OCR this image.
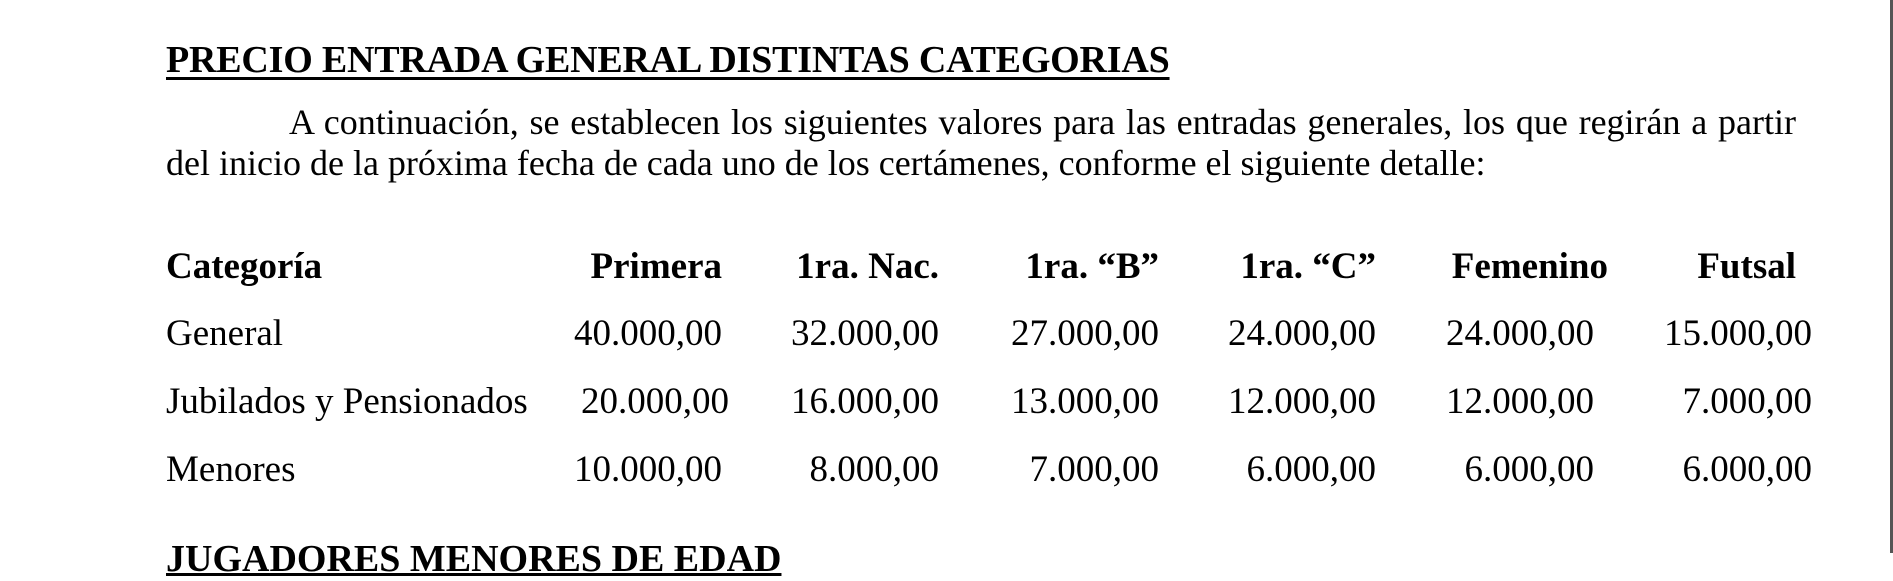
PRECIO ENTRADA GENERAL DISTINTAS CATEGORIAS

A continuación, se establecen los siguientes valores para las entradas generales, los que regirán a partir del inicio de la próxima fecha de cada uno de los certámenes, conforme el siguiente detalle:

Categoría	Primera 1ra. Nac. 1ra. “B” 1ra. “C” Femenino Futsal
General	40.000,00 32.000,00 27.000,00 24.000,00 24.000,00 15.000,00
Jubilados y Pensionados 20.000,00 16.000,00 13.000,00 12.000,00 12.000,00 7.000,00
Menores	10.000,00 8.000,00 7.000,00 6.000,00 6.000,00 6.000,00
JUGADORES MENORES DE EDAD
